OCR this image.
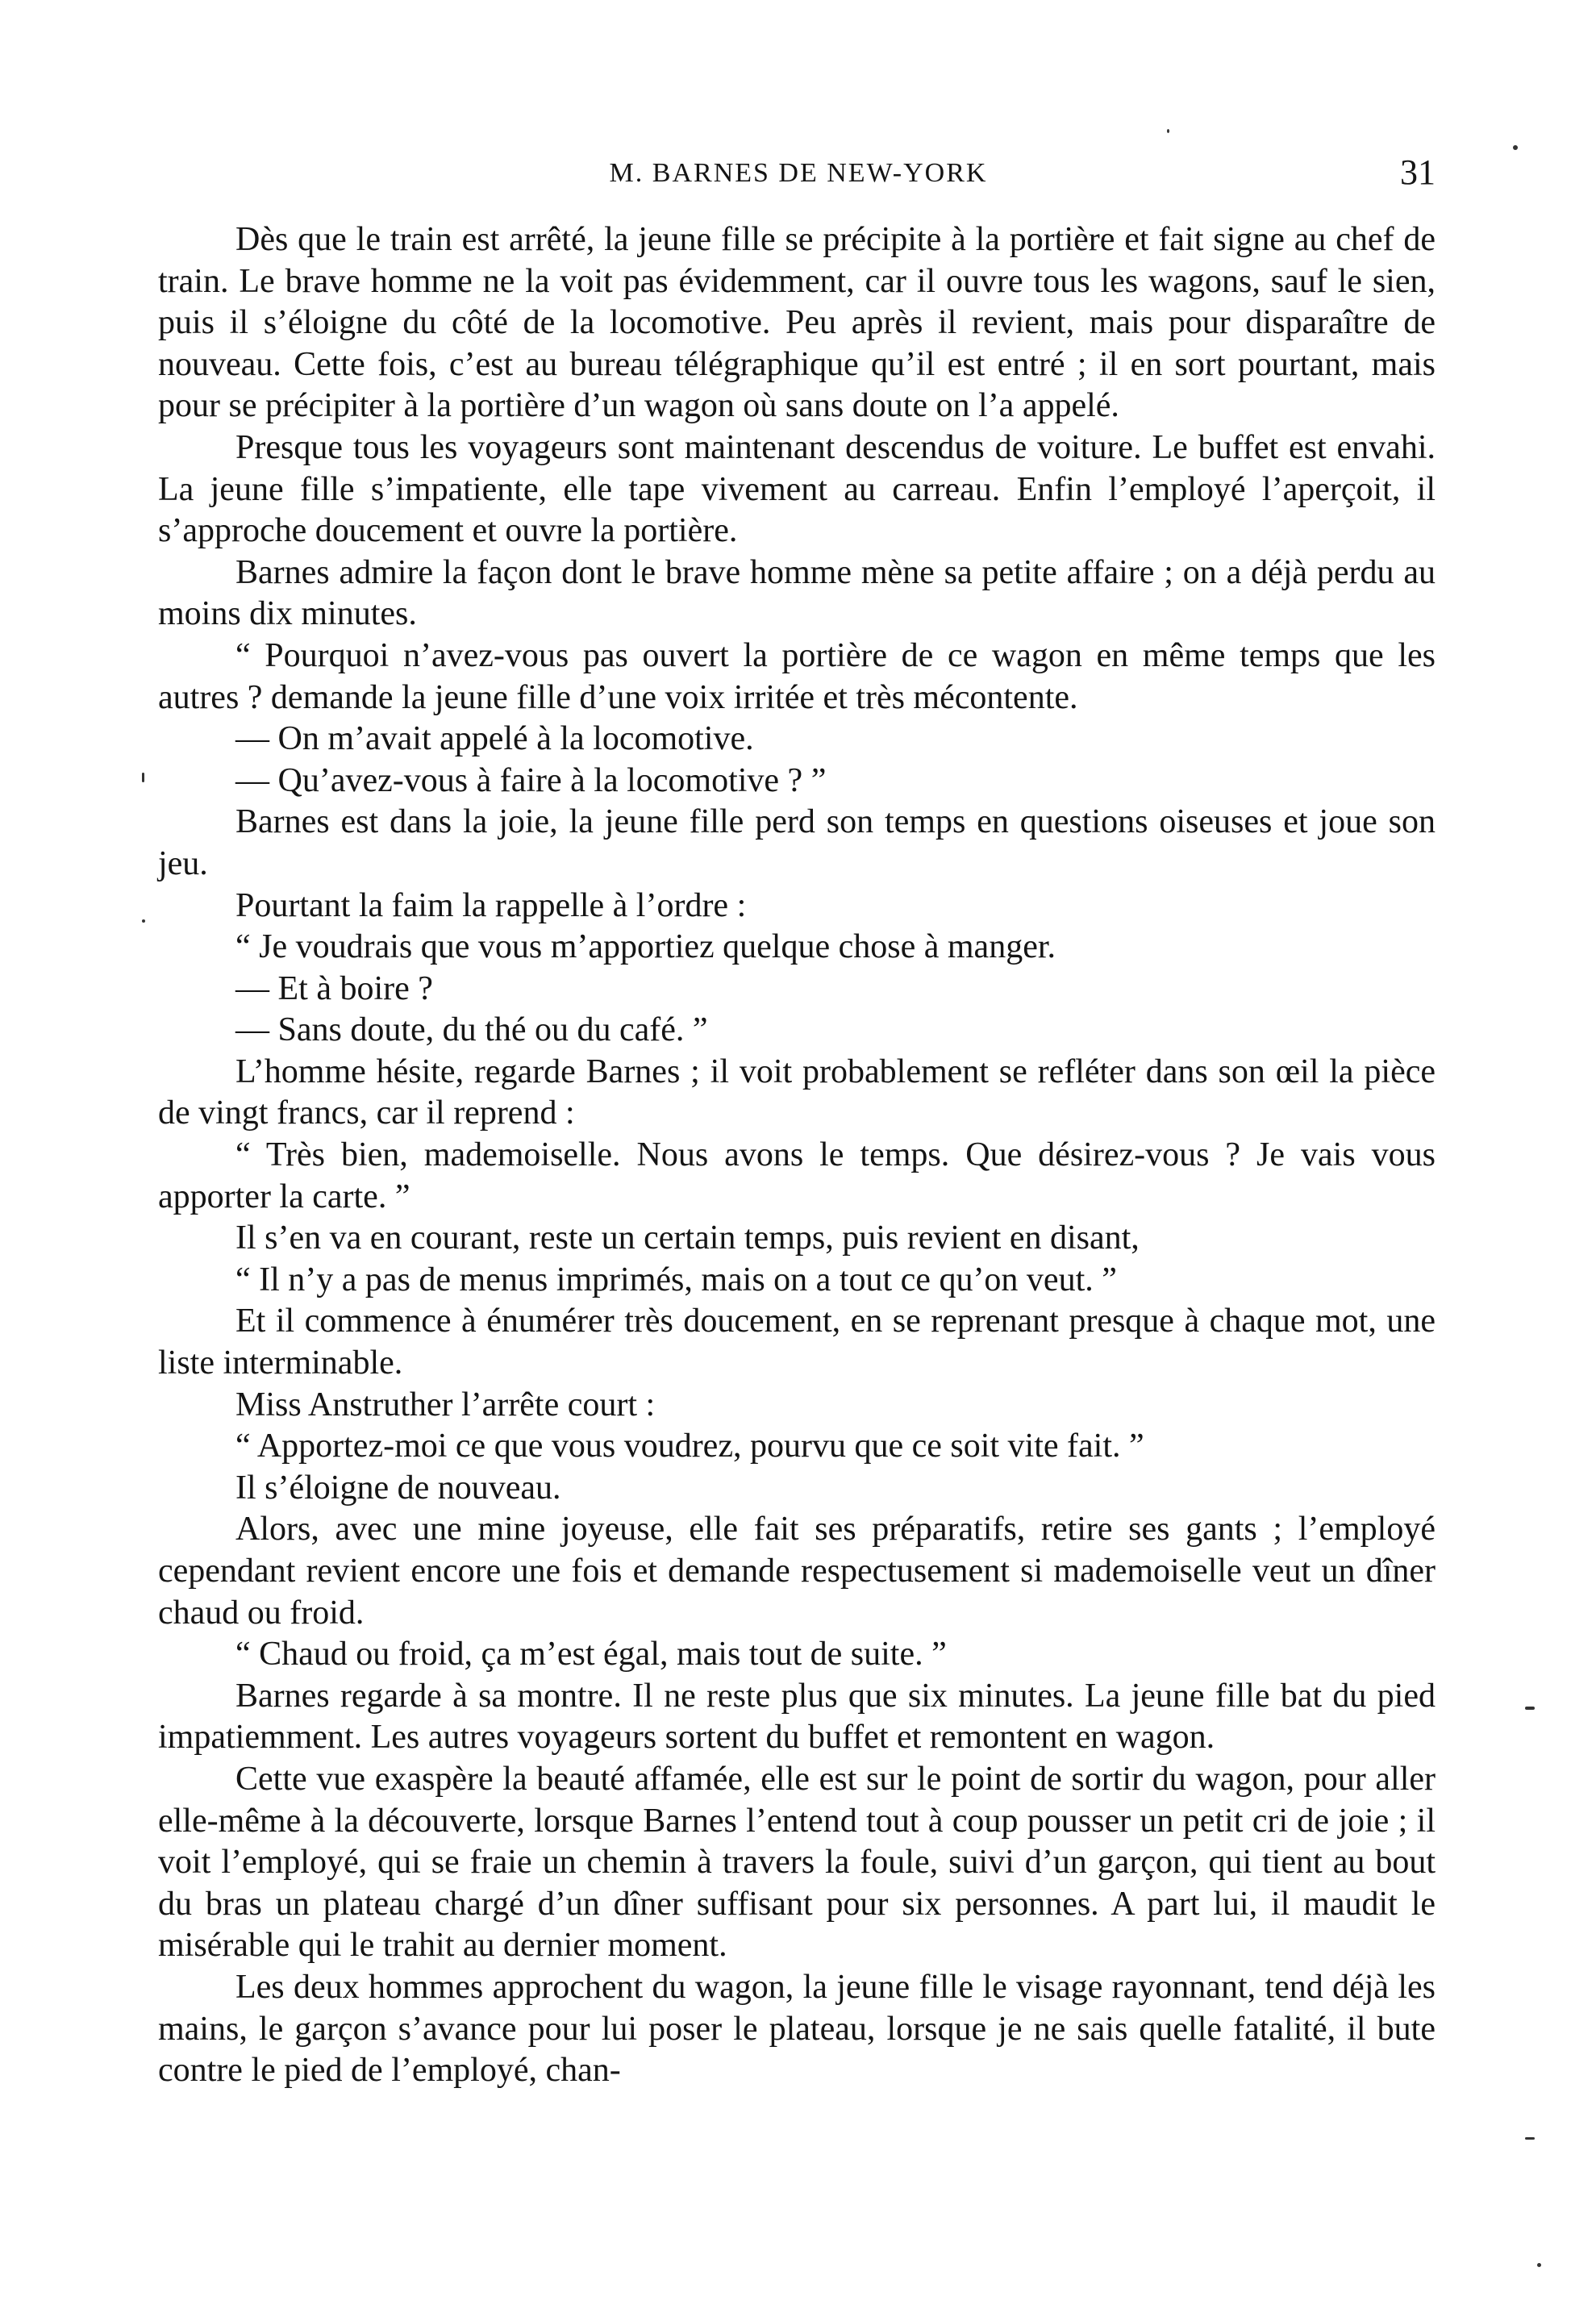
M. BARNES DE NEW-YORK	31

Dès que le train est arrêté, la jeune fille se précipite à la portière et fait signe au chef de train. Le brave homme ne la voit pas évidemment, car il ouvre tous les wagons, sauf le sien, puis il s’éloigne du côté de la locomotive. Peu après il revient, mais pour disparaître de nouveau. Cette fois, c’est au bureau télégraphique qu’il est entré ; il en sort pourtant, mais pour se précipiter à la portière d’un wagon où sans doute on l’a appelé.

Presque tous les voyageurs sont maintenant descendus de voiture. Le buffet est envahi. La jeune fille s’impatiente, elle tape vivement au carreau. Enfin l’employé l’aperçoit, il s’approche doucement et ouvre la portière.

Barnes admire la façon dont le brave homme mène sa petite affaire ; on a déjà perdu au moins dix minutes.

“ Pourquoi n’avez-vous pas ouvert la portière de ce wagon en même temps que les autres ? demande la jeune fille d’une voix irritée et très mécontente.

— On m’avait appelé à la locomotive.

— Qu’avez-vous à faire à la locomotive ? ”

Barnes est dans la joie, la jeune fille perd son temps en questions oiseuses et joue son jeu.

Pourtant la faim la rappelle à l’ordre :

“ Je voudrais que vous m’apportiez quelque chose à manger.

— Et à boire ?

— Sans doute, du thé ou du café. ”

L’homme hésite, regarde Barnes ; il voit probablement se refléter dans son œil la pièce de vingt francs, car il reprend :

“ Très bien, mademoiselle. Nous avons le temps. Que désirez-vous ? Je vais vous apporter la carte. ”

Il s’en va en courant, reste un certain temps, puis revient en disant,

“ Il n’y a pas de menus imprimés, mais on a tout ce qu’on veut. ”

Et il commence à énumérer très doucement, en se reprenant presque à chaque mot, une liste interminable.

Miss Anstruther l’arrête court :

“ Apportez-moi ce que vous voudrez, pourvu que ce soit vite fait. ”

Il s’éloigne de nouveau.

Alors, avec une mine joyeuse, elle fait ses préparatifs, retire ses gants ; l’employé cependant revient encore une fois et demande respectusement si mademoiselle veut un dîner chaud ou froid.

“ Chaud ou froid, ça m’est égal, mais tout de suite. ”

Barnes regarde à sa montre. Il ne reste plus que six minutes. La jeune fille bat du pied impatiemment. Les autres voyageurs sortent du buffet et remontent en wagon.

Cette vue exaspère la beauté affamée, elle est sur le point de sortir du wagon, pour aller elle-même à la découverte, lorsque Barnes l’entend tout à coup pousser un petit cri de joie ; il voit l’employé, qui se fraie un chemin à travers la foule, suivi d’un garçon, qui tient au bout du bras un plateau chargé d’un dîner suffisant pour six personnes. A part lui, il maudit le misérable qui le trahit au dernier moment.

Les deux hommes approchent du wagon, la jeune fille le visage rayonnant, tend déjà les mains, le garçon s’avance pour lui poser le plateau, lorsque je ne sais quelle fatalité, il bute contre le pied de l’employé, chan-
